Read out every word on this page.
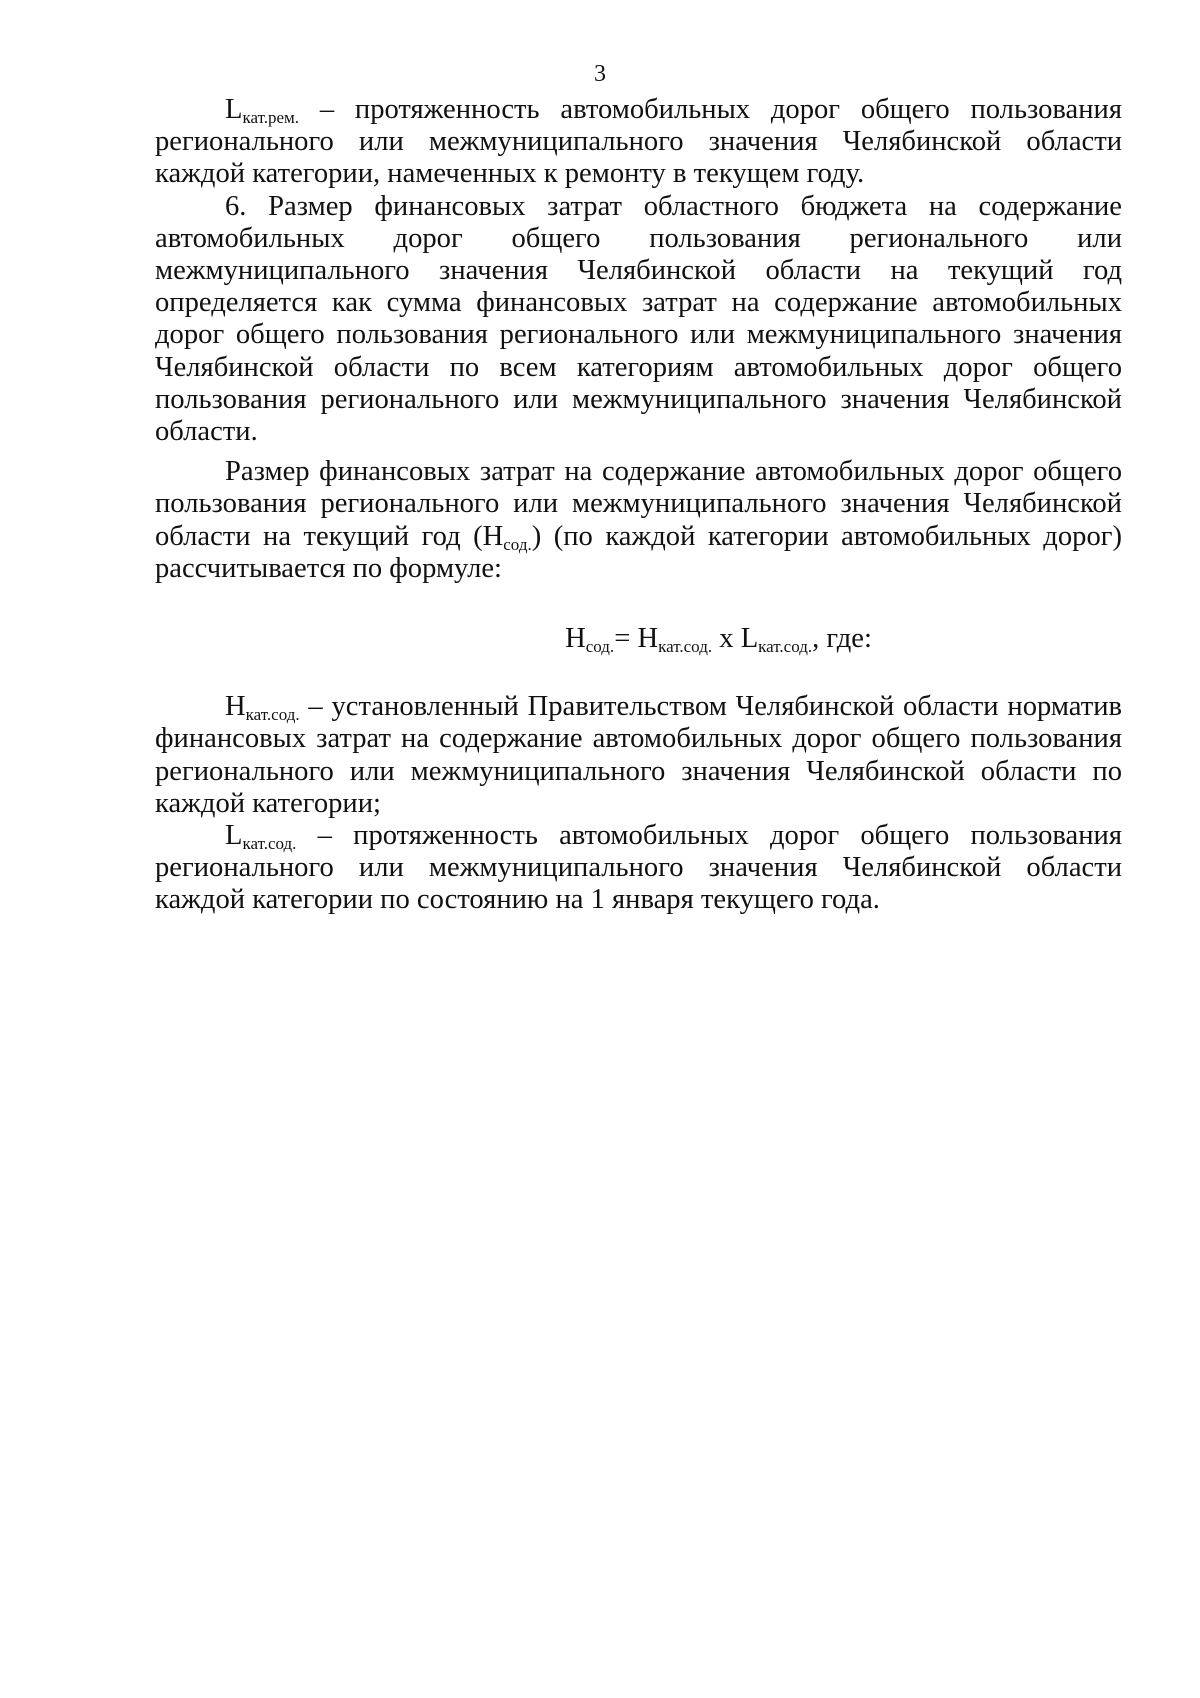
3

$L_{кат.рем.}$ – протяженность автомобильных дорог общего пользования регионального или межмуниципального значения Челябинской области каждой категории, намеченных к ремонту в текущем году.

6. Размер финансовых затрат областного бюджета на содержание автомобильных дорог общего пользования регионального или межмуниципального значения Челябинской области на текущий год определяется как сумма финансовых затрат на содержание автомобильных дорог общего пользования регионального или межмуниципального значения Челябинской области по всем категориям автомобильных дорог общего пользования регионального или межмуниципального значения Челябинской области.

Размер финансовых затрат на содержание автомобильных дорог общего пользования регионального или межмуниципального значения Челябинской области на текущий год $(Н_{сод.})$ (по каждой категории автомобильных дорог) рассчитывается по формуле:

$Н_{сод.}= Н_{кат.сод.}$ х $L_{кат.сод.}$, где:

$Н_{кат.сод.}$ – установленный Правительством Челябинской области норматив финансовых затрат на содержание автомобильных дорог общего пользования регионального или межмуниципального значения Челябинской области по каждой категории;

$L_{кат.сод.}$ – протяженность автомобильных дорог общего пользования регионального или межмуниципального значения Челябинской области каждой категории по состоянию на 1 января текущего года.
